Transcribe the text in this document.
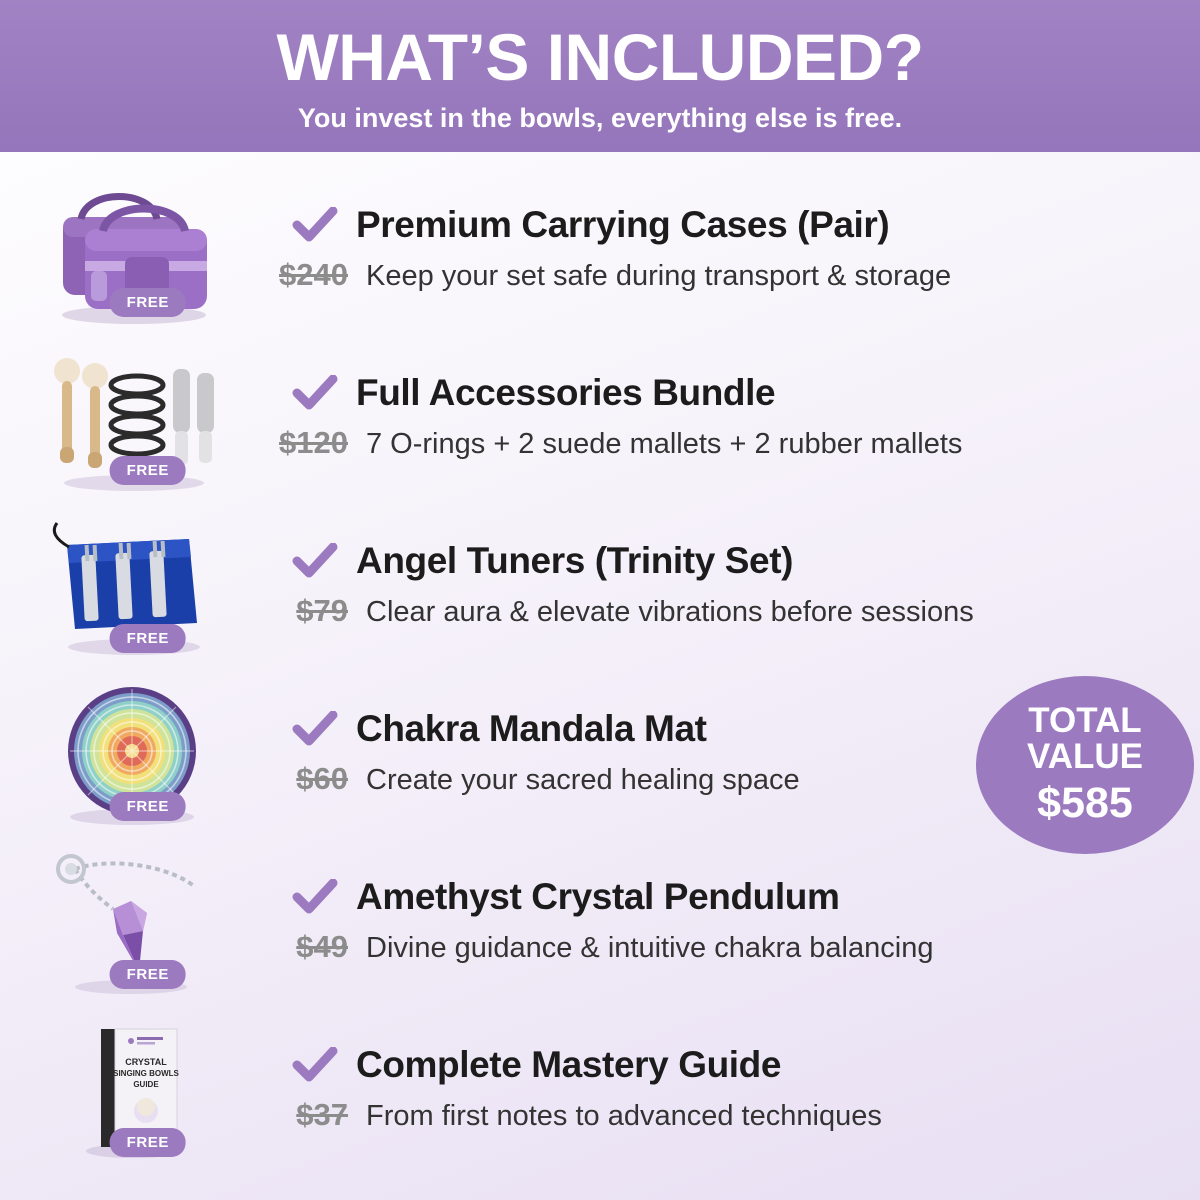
WHAT’S INCLUDED?
You invest in the bowls, everything else is free.
FREE
Premium Carrying Cases (Pair)
$240 Keep your set safe during transport & storage
FREE
Full Accessories Bundle
$120 7 O-rings + 2 suede mallets + 2 rubber mallets
FREE
Angel Tuners (Trinity Set)
$79 Clear aura & elevate vibrations before sessions
FREE
Chakra Mandala Mat
$60 Create your sacred healing space
FREE
Amethyst Crystal Pendulum
$49 Divine guidance & intuitive chakra balancing
CRYSTAL
SINGING BOWLS
GUIDE
FREE
Complete Mastery Guide
$37 From first notes to advanced techniques
TOTAL
VALUE
$585
